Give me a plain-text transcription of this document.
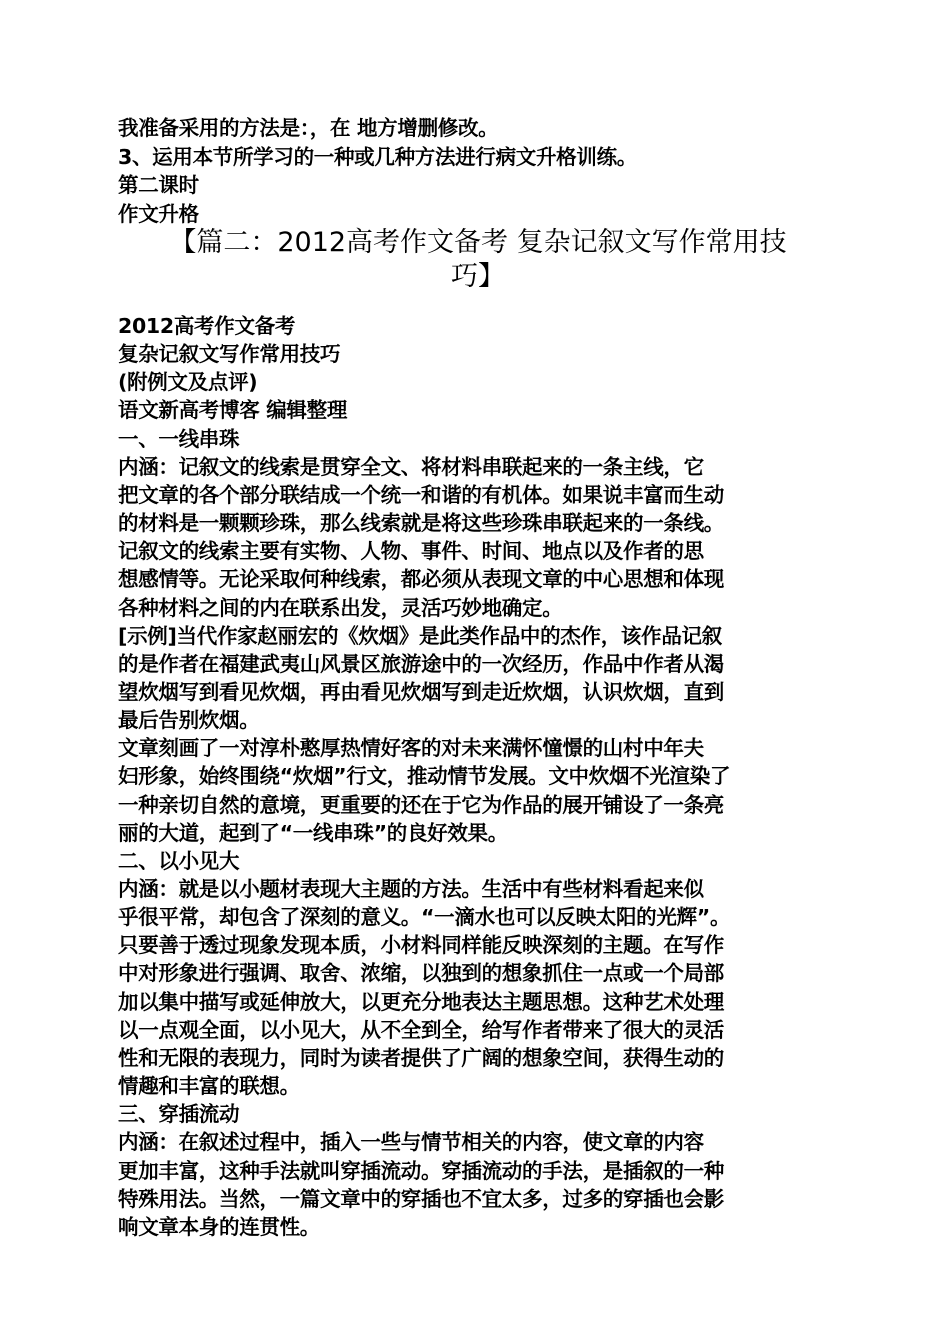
我准备采用的方法是：，在 地方增删修改。
3、运用本节所学习的一种或几种方法进行病文升格训练。
第二课时
作文升格
【篇二：2012高考作文备考 复杂记叙文写作常用技
巧】
2012高考作文备考
复杂记叙文写作常用技巧
(附例文及点评)
语文新高考博客 编辑整理
一、一线串珠
内涵：记叙文的线索是贯穿全文、将材料串联起来的一条主线，它
把文章的各个部分联结成一个统一和谐的有机体。如果说丰富而生动
的材料是一颗颗珍珠，那么线索就是将这些珍珠串联起来的一条线。
记叙文的线索主要有实物、人物、事件、时间、地点以及作者的思
想感情等。无论采取何种线索，都必须从表现文章的中心思想和体现
各种材料之间的内在联系出发，灵活巧妙地确定。
[示例]当代作家赵丽宏的《炊烟》是此类作品中的杰作，该作品记叙
的是作者在福建武夷山风景区旅游途中的一次经历，作品中作者从渴
望炊烟写到看见炊烟，再由看见炊烟写到走近炊烟，认识炊烟，直到
最后告别炊烟。
文章刻画了一对淳朴憨厚热情好客的对未来满怀憧憬的山村中年夫
妇形象，始终围绕“炊烟”行文，推动情节发展。文中炊烟不光渲染了
一种亲切自然的意境，更重要的还在于它为作品的展开铺设了一条亮
丽的大道，起到了“一线串珠”的良好效果。
二、以小见大
内涵：就是以小题材表现大主题的方法。生活中有些材料看起来似
乎很平常，却包含了深刻的意义。“一滴水也可以反映太阳的光辉”。
只要善于透过现象发现本质，小材料同样能反映深刻的主题。在写作
中对形象进行强调、取舍、浓缩，以独到的想象抓住一点或一个局部
加以集中描写或延伸放大，以更充分地表达主题思想。这种艺术处理
以一点观全面，以小见大，从不全到全，给写作者带来了很大的灵活
性和无限的表现力，同时为读者提供了广阔的想象空间，获得生动的
情趣和丰富的联想。
三、穿插流动
内涵：在叙述过程中，插入一些与情节相关的内容，使文章的内容
更加丰富，这种手法就叫穿插流动。穿插流动的手法，是插叙的一种
特殊用法。当然，一篇文章中的穿插也不宜太多，过多的穿插也会影
响文章本身的连贯性。
